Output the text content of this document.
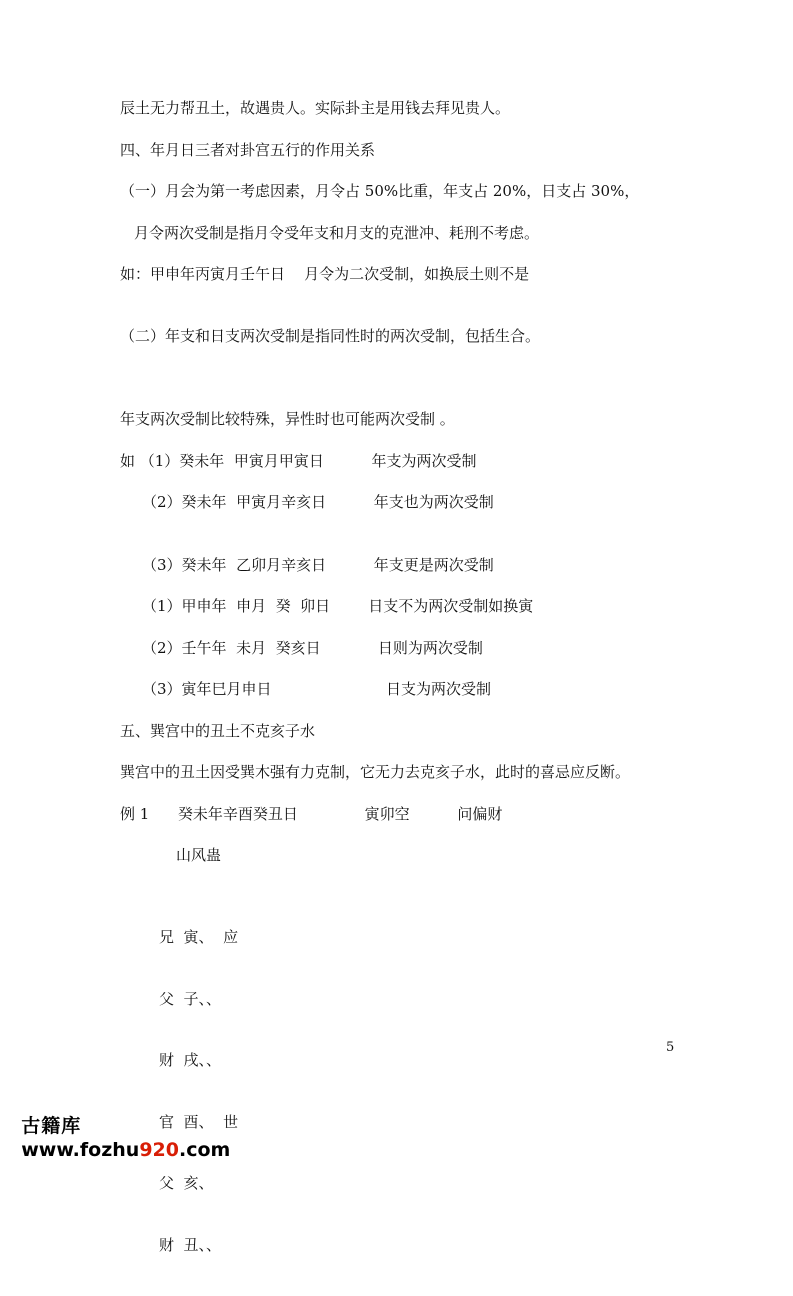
辰土无力帮丑土，故遇贵人。实际卦主是用钱去拜见贵人。
四、年月日三者对卦宫五行的作用关系
（一）月会为第一考虑因素，月令占 50%比重，年支占 20%，日支占 30%，
月令两次受制是指月令受年支和月支的克泄冲、耗刑不考虑。
如：甲申年丙寅月壬午日    月令为二次受制，如换辰土则不是
（二）年支和日支两次受制是指同性时的两次受制，包括生合。
年支两次受制比较特殊，异性时也可能两次受制 。
如 （1）癸未年  甲寅月甲寅日          年支为两次受制
（2）癸未年  甲寅月辛亥日          年支也为两次受制
（3）癸未年  乙卯月辛亥日          年支更是两次受制
（1）甲申年  申月  癸  卯日        日支不为两次受制如换寅
（2）壬午年  未月  癸亥日            日则为两次受制
（3）寅年巳月申日                        日支为两次受制
五、巽宫中的丑土不克亥子水
巽宫中的丑土因受巽木强有力克制，它无力去克亥子水，此时的喜忌应反断。
例 1      癸未年辛酉癸丑日              寅卯空          问偏财
山风蛊

兄  寅、  应

父  子、、

财  戌、、

官  酉、  世

父  亥、

财  丑、、

5

古籍库
www.fozhu920.com
